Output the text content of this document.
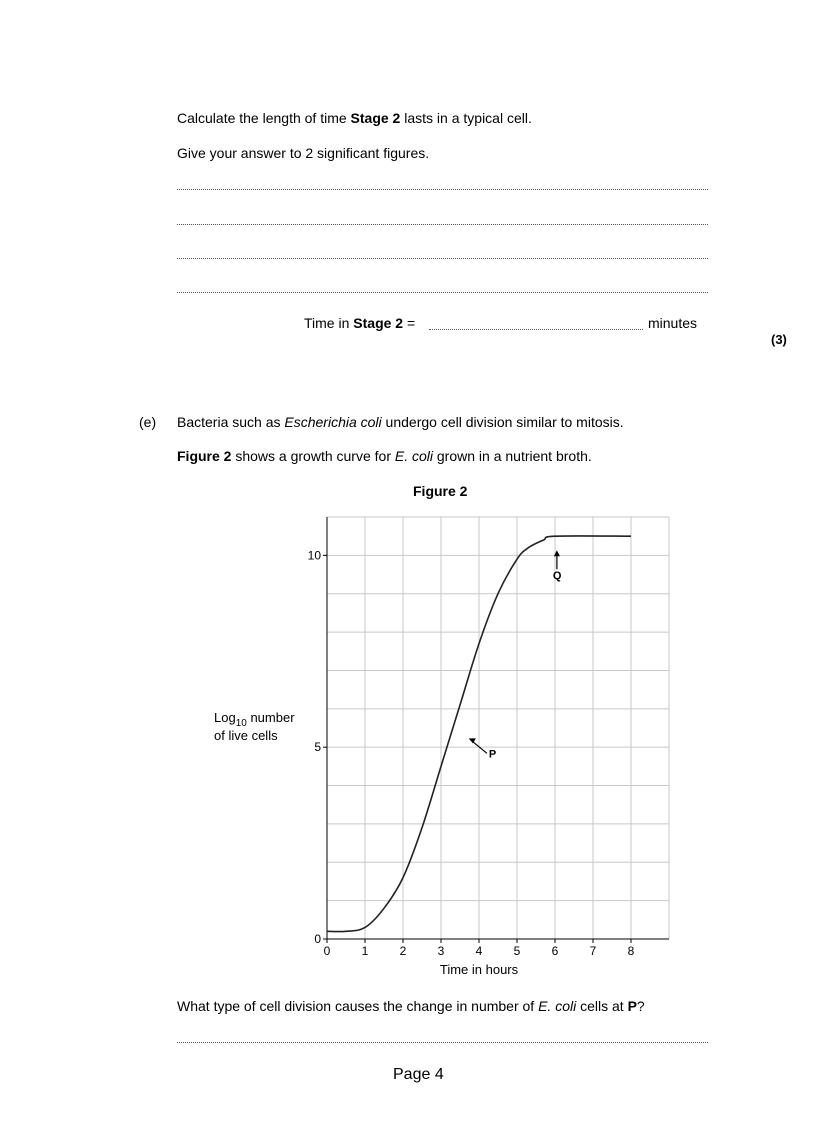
Calculate the length of time Stage 2 lasts in a typical cell.
Give your answer to 2 significant figures.
Time in Stage 2 =	minutes
(3)
(e) Bacteria such as Escherichia coli undergo cell division similar to mitosis.
Figure 2 shows a growth curve for E. coli grown in a nutrient broth.
Figure 2
0	1	2	3	4	5	6	7	8
0
5
10
P
Q
Time in hours
Log$_{10}$ number
of live cells
What type of cell division causes the change in number of E. coli cells at P?
Page 4
